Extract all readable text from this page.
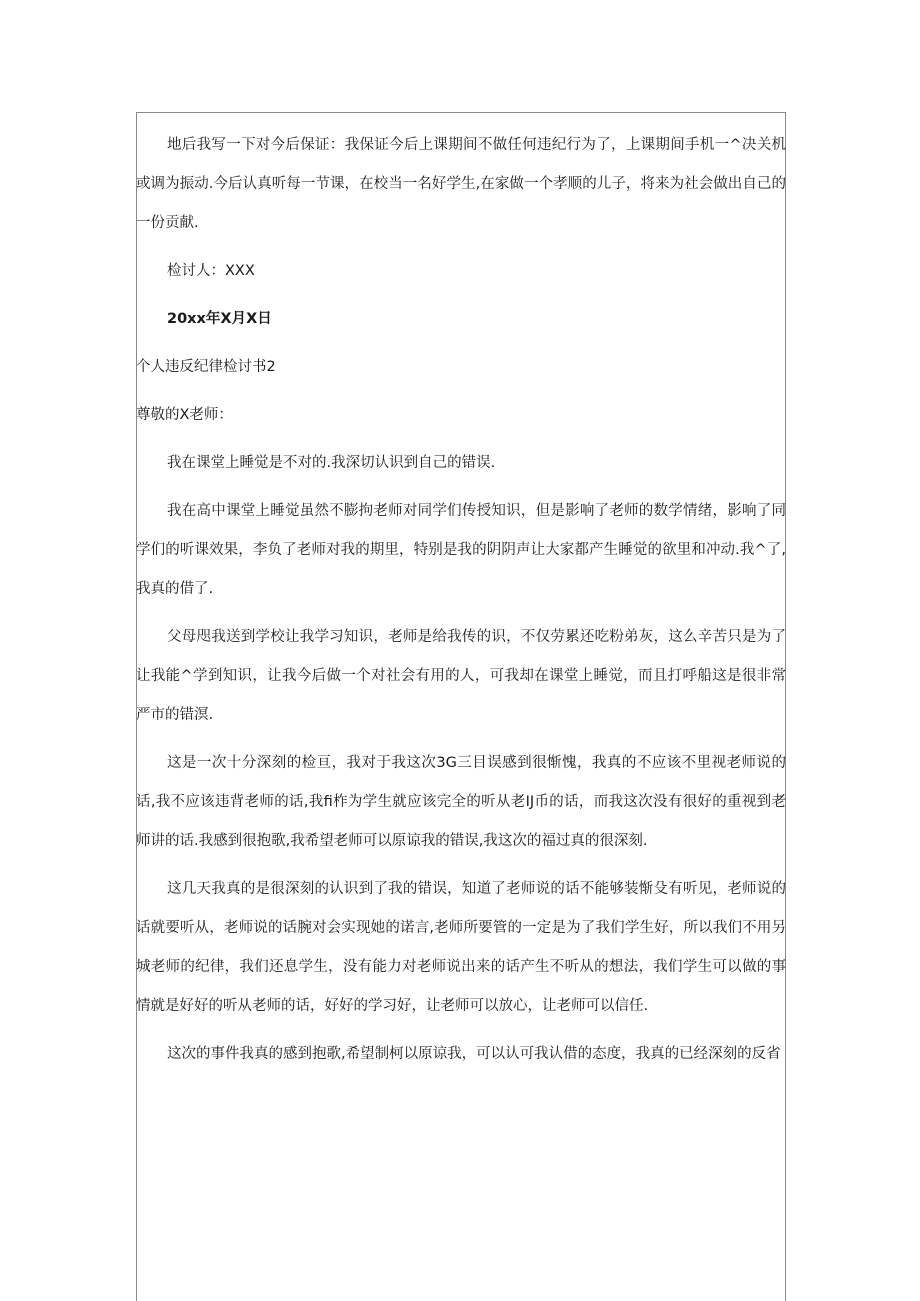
地后我写一下对今后保证：我保证今后上课期间不做任何违纪行为了，上课期间手机一^决关机或调为振动.今后认真听每一节课，在校当一名好学生,在家做一个孝顺的儿子，将来为社会做出自己的一份贡献.

检讨人：XXX

20xx年X月X日

个人违反纪律检讨书2

尊敬的X老师：

我在课堂上睡觉是不对的.我深切认识到自己的错误.

我在高中课堂上睡觉虽然不膨拘老师对同学们传授知识，但是影响了老师的数学情绪，影响了同学们的听课效果，李负了老师对我的期里，特别是我的阴阴声让大家都产生睡觉的欲里和冲动.我^了,我真的借了.

父母咫我送到学校让我学习知识，老师是给我传的识，不仅劳累还吃粉弟灰，这么辛苦只是为了让我能^学到知识，让我今后做一个对社会有用的人，可我却在课堂上睡觉，而且打呼船这是很非常严市的错溟.

这是一次十分深刻的检亘，我对于我这次3G三目误感到很惭愧，我真的不应该不里视老师说的话,我不应该违背老师的话,我fi柞为学生就应该完全的听从老IJ币的话，而我这次没有很好的重视到老师讲的话.我感到很抱歌,我希望老师可以原谅我的错误,我这次的福过真的很深刻.

这几天我真的是很深刻的认识到了我的错误，知道了老师说的话不能够装惭殳有听见，老师说的话就要听从，老师说的话腕对会实现她的诺言,老师所要管的一定是为了我们学生好，所以我们不用另城老师的纪律，我们还息学生，没有能力对老师说出来的话产生不听从的想法，我们学生可以做的事情就是好好的听从老师的话，好好的学习好，让老师可以放心，让老师可以信任.

这次的事件我真的感到抱歌,希望制柯以原谅我，可以认可我认借的态度，我真的已经深刻的反省
